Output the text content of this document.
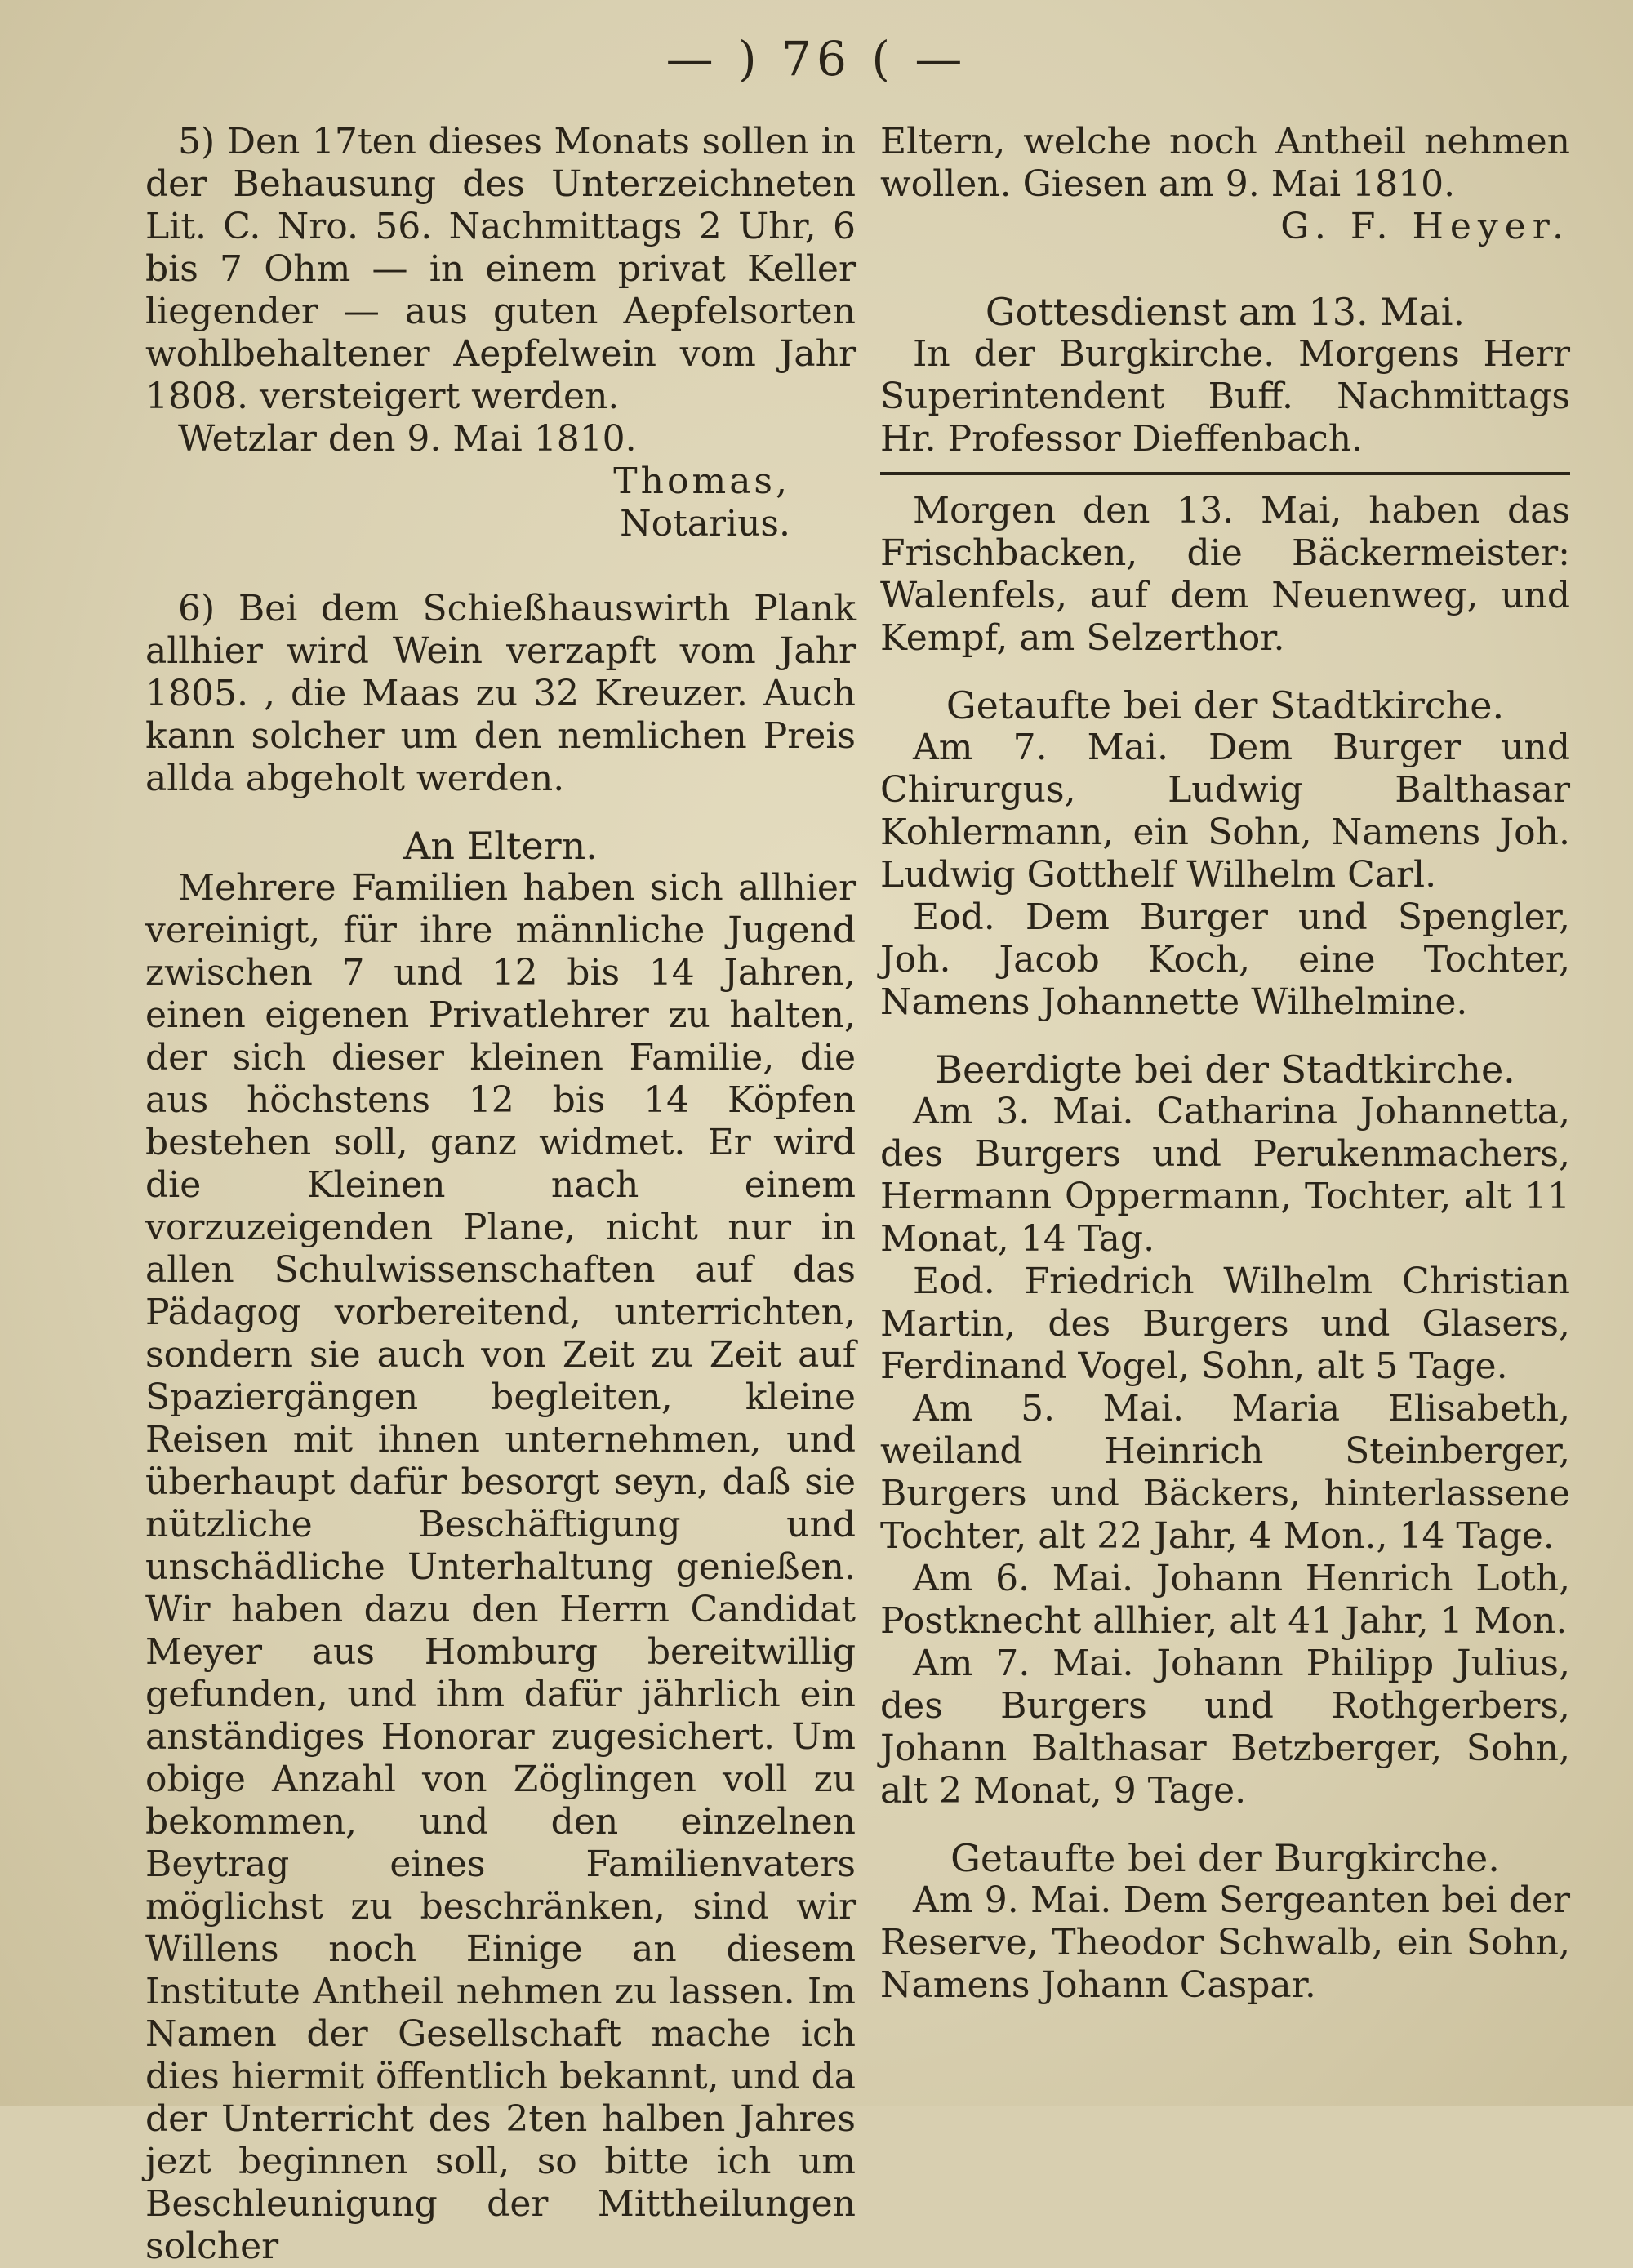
— ) 76 ( —

5) Den 17ten dieses Monats sollen in der Behausung des Unterzeichneten Lit. C. Nro. 56. Nachmittags 2 Uhr, 6 bis 7 Ohm — in einem privat Keller liegender — aus guten Aepfelsorten wohlbehaltener Aepfelwein vom Jahr 1808. versteigert werden.

Wetzlar den 9. Mai 1810.

Thomas,

Notarius.

6) Bei dem Schießhauswirth Plank allhier wird Wein verzapft vom Jahr 1805. , die Maas zu 32 Kreuzer. Auch kann solcher um den nemlichen Preis allda abgeholt werden.

An Eltern.

Mehrere Familien haben sich allhier vereinigt, für ihre männliche Jugend zwischen 7 und 12 bis 14 Jahren, einen eigenen Privatlehrer zu halten, der sich dieser kleinen Familie, die aus höchstens 12 bis 14 Köpfen bestehen soll, ganz widmet. Er wird die Kleinen nach einem vorzuzeigenden Plane, nicht nur in allen Schulwissenschaften auf das Pädagog vorbereitend, unterrichten, sondern sie auch von Zeit zu Zeit auf Spaziergängen begleiten, kleine Reisen mit ihnen unternehmen, und überhaupt dafür besorgt seyn, daß sie nützliche Beschäftigung und unschädliche Unterhaltung genießen. Wir haben dazu den Herrn Candidat Meyer aus Homburg bereitwillig gefunden, und ihm dafür jährlich ein anständiges Honorar zugesichert. Um obige Anzahl von Zöglingen voll zu bekommen, und den einzelnen Beytrag eines Familienvaters möglichst zu beschränken, sind wir Willens noch Einige an diesem Institute Antheil nehmen zu lassen. Im Namen der Gesellschaft mache ich dies hiermit öffentlich bekannt, und da der Unterricht des 2ten halben Jahres jezt beginnen soll, so bitte ich um Beschleunigung der Mittheilungen solcher

Eltern, welche noch Antheil nehmen wollen. Giesen am 9. Mai 1810.

G. F. Heyer.

Gottesdienst am 13. Mai.

In der Burgkirche. Morgens Herr Superintendent Buff. Nachmittags Hr. Professor Dieffenbach.

Morgen den 13. Mai, haben das Frischbacken, die Bäckermeister: Walenfels, auf dem Neuenweg, und Kempf, am Selzerthor.

Getaufte bei der Stadtkirche.

Am 7. Mai. Dem Burger und Chirurgus, Ludwig Balthasar Kohlermann, ein Sohn, Namens Joh. Ludwig Gotthelf Wilhelm Carl.

Eod. Dem Burger und Spengler, Joh. Jacob Koch, eine Tochter, Namens Johannette Wilhelmine.

Beerdigte bei der Stadtkirche.

Am 3. Mai. Catharina Johannetta, des Burgers und Perukenmachers, Hermann Oppermann, Tochter, alt 11 Monat, 14 Tag.

Eod. Friedrich Wilhelm Christian Martin, des Burgers und Glasers, Ferdinand Vogel, Sohn, alt 5 Tage.

Am 5. Mai. Maria Elisabeth, weiland Heinrich Steinberger, Burgers und Bäckers, hinterlassene Tochter, alt 22 Jahr, 4 Mon., 14 Tage.

Am 6. Mai. Johann Henrich Loth, Postknecht allhier, alt 41 Jahr, 1 Mon.

Am 7. Mai. Johann Philipp Julius, des Burgers und Rothgerbers, Johann Balthasar Betzberger, Sohn, alt 2 Monat, 9 Tage.

Getaufte bei der Burgkirche.

Am 9. Mai. Dem Sergeanten bei der Reserve, Theodor Schwalb, ein Sohn, Namens Johann Caspar.
